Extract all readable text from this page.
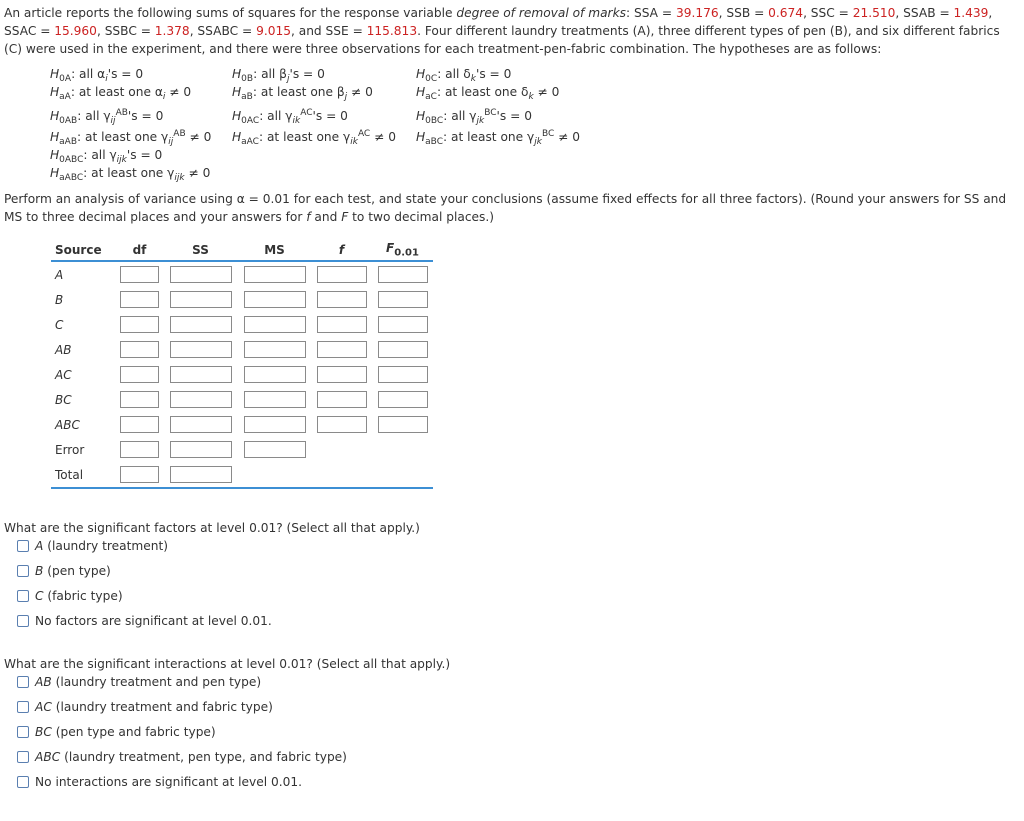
An article reports the following sums of squares for the response variable degree of removal of marks: SSA = 39.176, SSB = 0.674, SSC = 21.510, SSAB = 1.439, SSAC = 15.960, SSBC = 1.378, SSABC = 9.015, and SSE = 115.813. Four different laundry treatments (A), three different types of pen (B), and six different fabrics (C) were used in the experiment, and there were three observations for each treatment-pen-fabric combination. The hypotheses are as follows:
$H_{0A}$: all $\alpha_i's = 0$
$H_{aA}$: at least one $\alpha_i \ne 0$
$H_{0AB}$: all $\gamma_{ij}^{AB}'s = 0$
$H_{aAB}$: at least one $\gamma_{ij}^{AB} \ne 0$
$H_{0ABC}$: all $\gamma_{ijk}'s = 0$
$H_{aABC}$: at least one $\gamma_{ijk} \ne 0$
$H_{0B}$: all $\beta_j's = 0$
$H_{aB}$: at least one $\beta_j \ne 0$
$H_{0AC}$: all $\gamma_{ik}^{AC}'s = 0$
$H_{aAC}$: at least one $\gamma_{ik}^{AC} \ne 0$
$H_{0C}$: all $\delta_k's = 0$
$H_{aC}$: at least one $\delta_k \ne 0$
$H_{0BC}$: all $\gamma_{jk}^{BC}'s = 0$
$H_{aBC}$: at least one $\gamma_{jk}^{BC} \ne 0$
Perform an analysis of variance using α = 0.01 for each test, and state your conclusions (assume fixed effects for all three factors). (Round your answers for SS and MS to three decimal places and your answers for f and F to two decimal places.)
Source	df	SS	MS	f	$F_{0.01}$
A	

B	

C	

AB	

AC	

BC	

ABC	

Error	

Total	

What are the significant factors at level 0.01? (Select all that apply.)
A (laundry treatment)
B (pen type)
C (fabric type)
No factors are significant at level 0.01.
What are the significant interactions at level 0.01? (Select all that apply.)
AB (laundry treatment and pen type)
AC (laundry treatment and fabric type)
BC (pen type and fabric type)
ABC (laundry treatment, pen type, and fabric type)
No interactions are significant at level 0.01.
